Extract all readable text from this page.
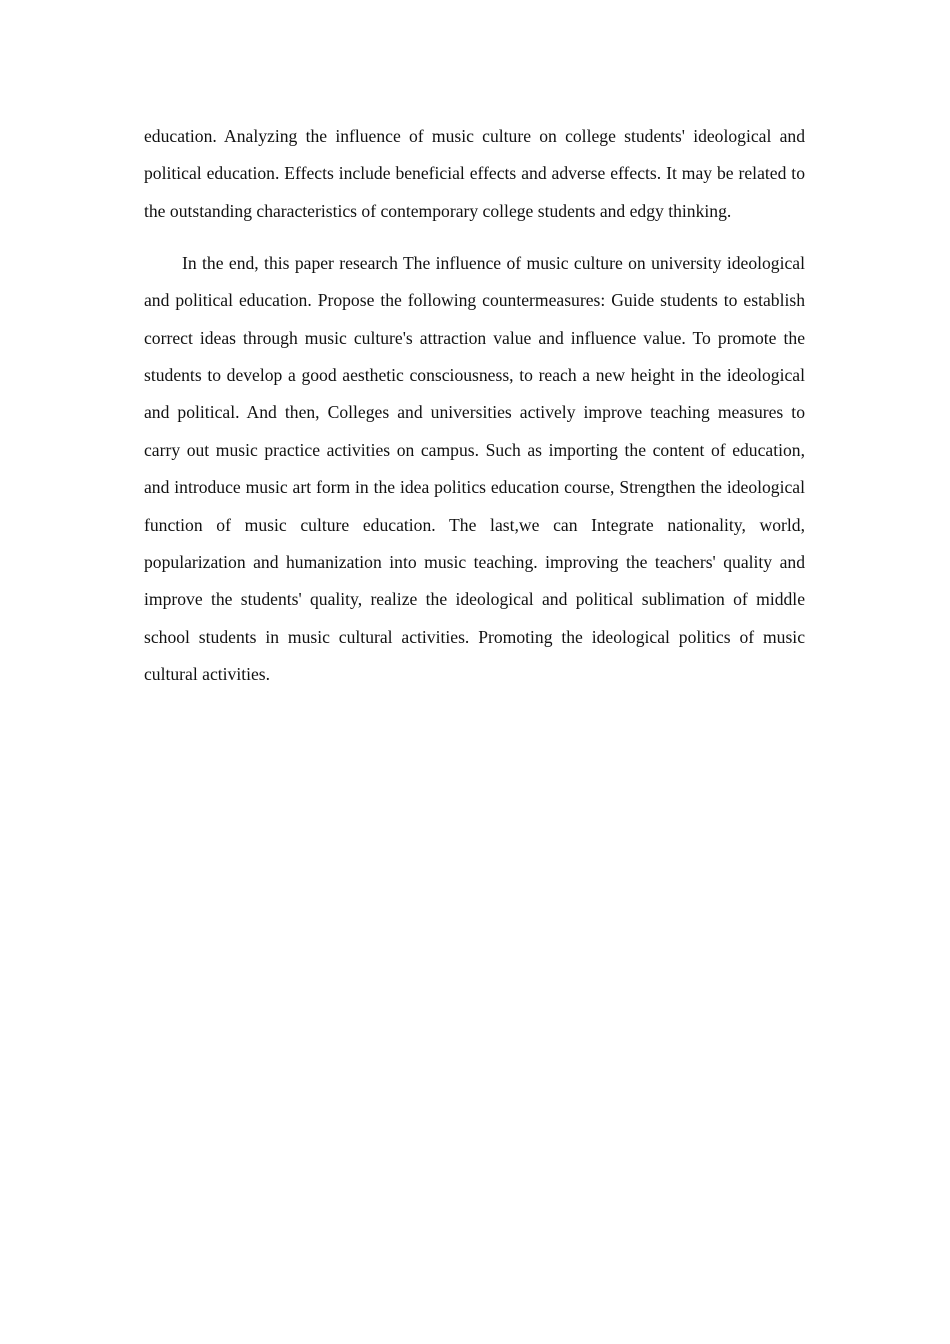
education. Analyzing the influence of music culture on college students' ideological and political education. Effects include beneficial effects and adverse effects. It may be related to the outstanding characteristics of contemporary college students and edgy thinking.

In the end, this paper research The influence of music culture on university ideological and political education. Propose the following countermeasures: Guide students to establish correct ideas through music culture's attraction value and influence value. To promote the students to develop a good aesthetic consciousness, to reach a new height in the ideological and political. And then, Colleges and universities actively improve teaching measures to carry out music practice activities on campus. Such as importing the content of education, and introduce music art form in the idea politics education course, Strengthen the ideological function of music culture education. The last,we can Integrate nationality, world, popularization and humanization into music teaching. improving the teachers' quality and improve the students' quality, realize the ideological and political sublimation of middle school students in music cultural activities. Promoting the ideological politics of music cultural activities.
